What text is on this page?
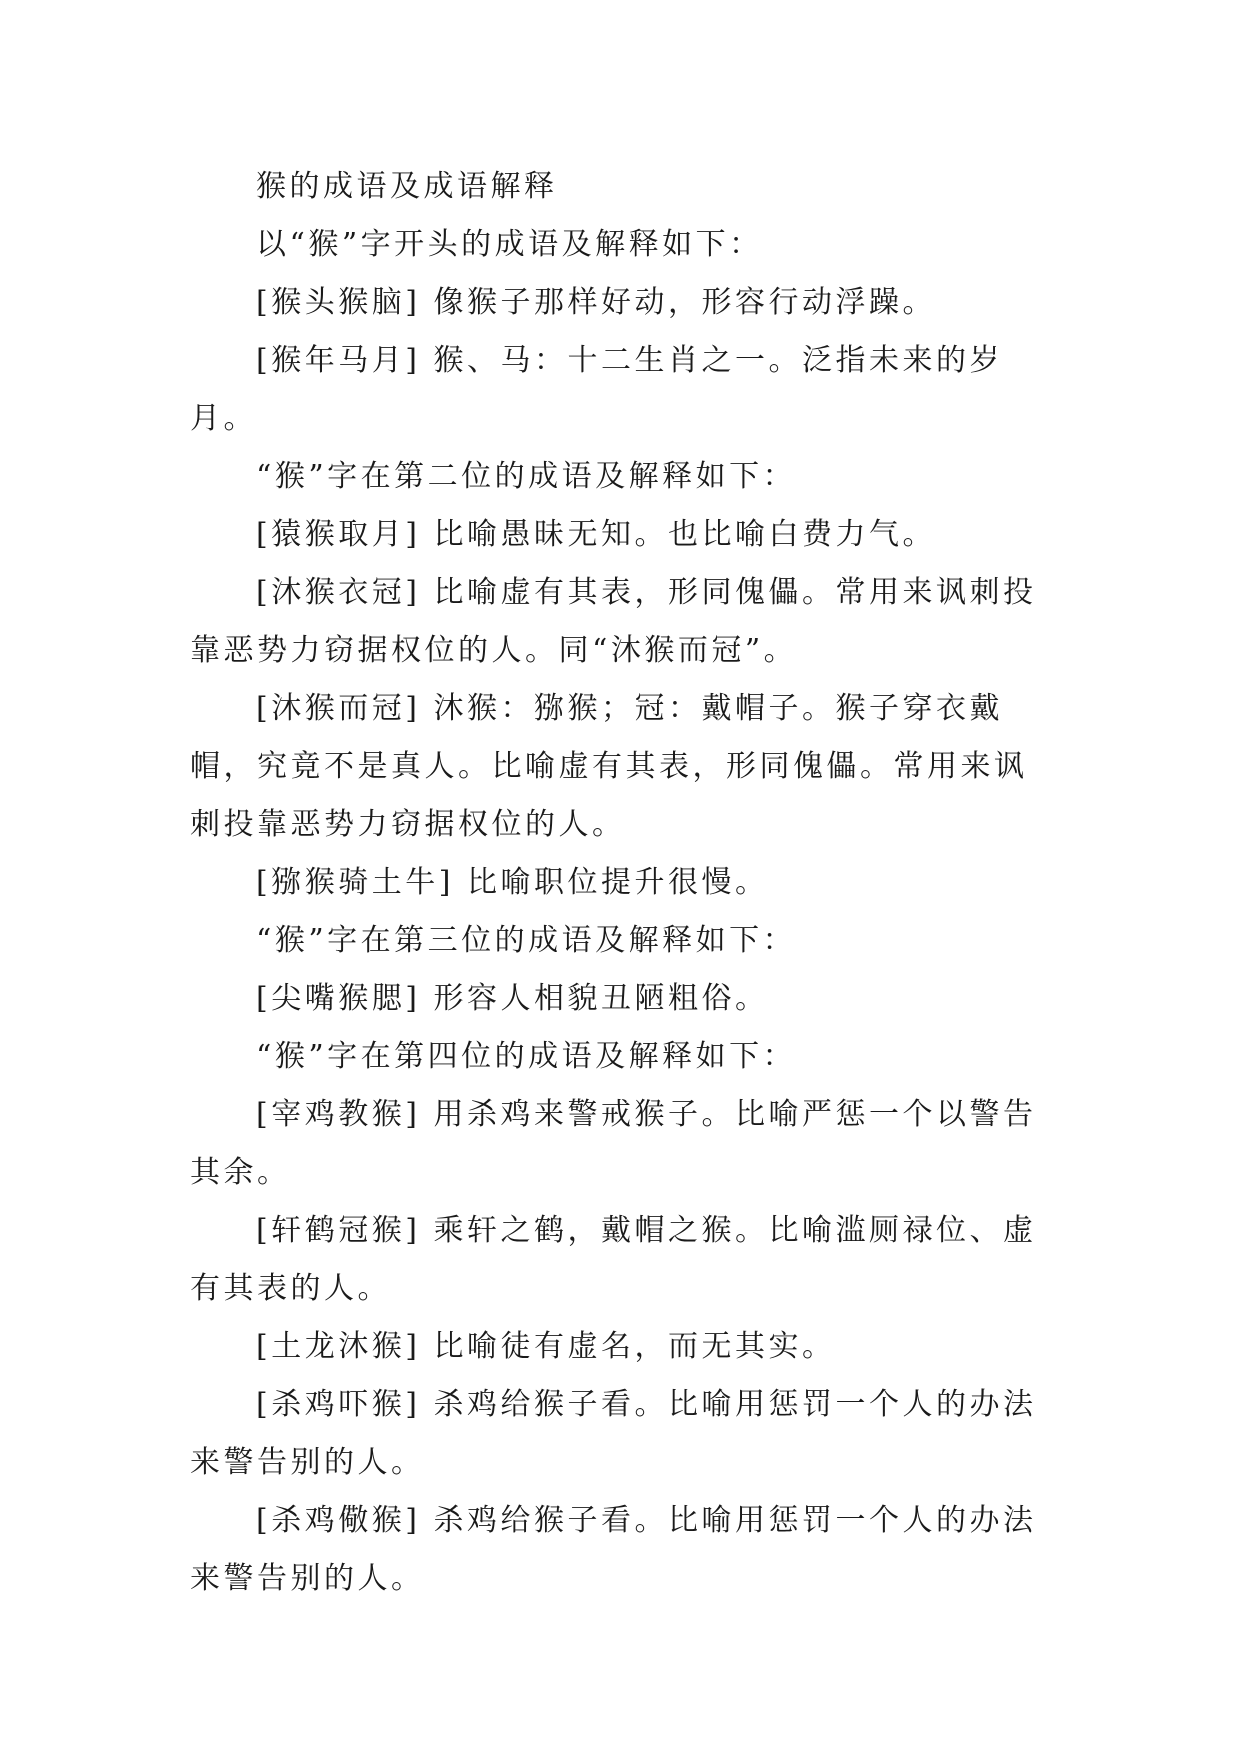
猴的成语及成语解释

以“猴”字开头的成语及解释如下：

[猴头猴脑] 像猴子那样好动，形容行动浮躁。

[猴年马月] 猴、马：十二生肖之一。泛指未来的岁月。

“猴”字在第二位的成语及解释如下：

[猿猴取月] 比喻愚昧无知。也比喻白费力气。

[沐猴衣冠] 比喻虚有其表，形同傀儡。常用来讽刺投靠恶势力窃据权位的人。同“沐猴而冠”。

[沐猴而冠] 沐猴：猕猴；冠：戴帽子。猴子穿衣戴帽，究竟不是真人。比喻虚有其表，形同傀儡。常用来讽刺投靠恶势力窃据权位的人。

[猕猴骑土牛] 比喻职位提升很慢。

“猴”字在第三位的成语及解释如下：

[尖嘴猴腮] 形容人相貌丑陋粗俗。

“猴”字在第四位的成语及解释如下：

[宰鸡教猴] 用杀鸡来警戒猴子。比喻严惩一个以警告其余。

[轩鹤冠猴] 乘轩之鹤，戴帽之猴。比喻滥厕禄位、虚有其表的人。

[土龙沐猴] 比喻徒有虚名，而无其实。

[杀鸡吓猴] 杀鸡给猴子看。比喻用惩罚一个人的办法来警告别的人。

[杀鸡儆猴] 杀鸡给猴子看。比喻用惩罚一个人的办法来警告别的人。
